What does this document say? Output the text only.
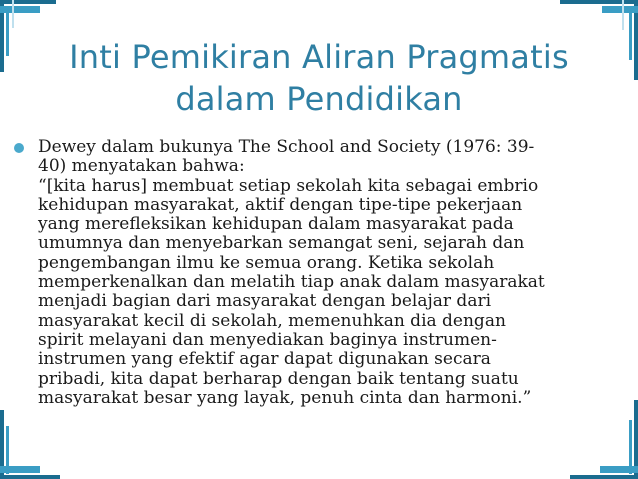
Inti Pemikiran Aliran Pragmatis
dalam Pendidikan
Dewey dalam bukunya The School and Society (1976: 39-
40) menyatakan bahwa:
“[kita harus] membuat setiap sekolah kita sebagai embrio
kehidupan masyarakat, aktif dengan tipe-tipe pekerjaan
yang merefleksikan kehidupan dalam masyarakat pada
umumnya dan menyebarkan semangat seni, sejarah dan
pengembangan ilmu ke semua orang. Ketika sekolah
memperkenalkan dan melatih tiap anak dalam masyarakat
menjadi bagian dari masyarakat dengan belajar dari
masyarakat kecil di sekolah, memenuhkan dia dengan
spirit melayani dan menyediakan baginya instrumen-
instrumen yang efektif agar dapat digunakan secara
pribadi, kita dapat berharap dengan baik tentang suatu
masyarakat besar yang layak, penuh cinta dan harmoni.”
